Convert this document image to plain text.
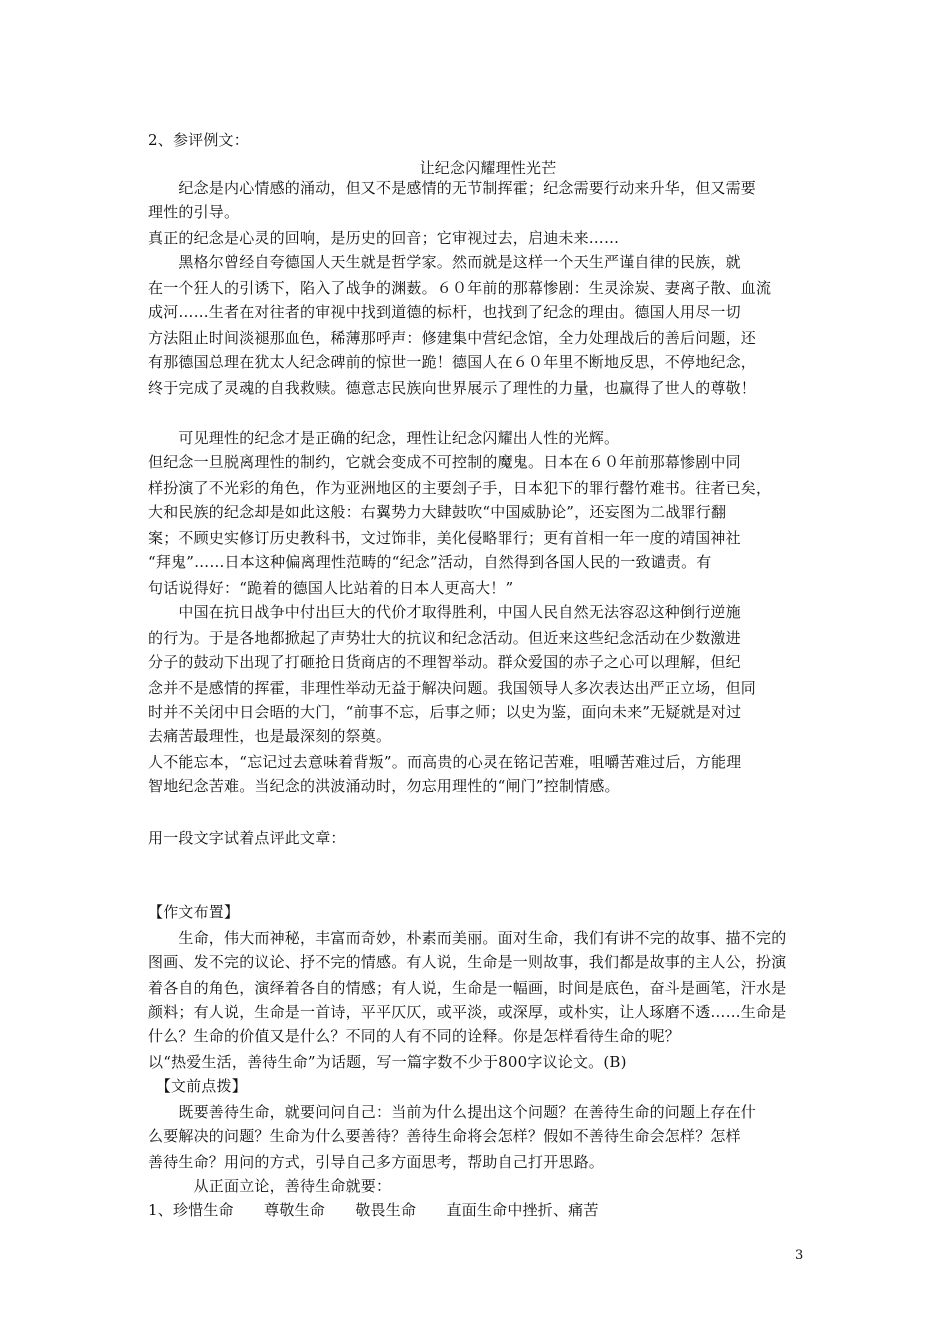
2、参评例文：
让纪念闪耀理性光芒
　　纪念是内心情感的涌动，但又不是感情的无节制挥霍；纪念需要行动来升华，但又需要
理性的引导。
真正的纪念是心灵的回响，是历史的回音；它审视过去，启迪未来……
　　黑格尔曾经自夸德国人天生就是哲学家。然而就是这样一个天生严谨自律的民族，就
在一个狂人的引诱下，陷入了战争的渊薮。６０年前的那幕惨剧：生灵涂炭、妻离子散、血流
成河……生者在对往者的审视中找到道德的标杆，也找到了纪念的理由。德国人用尽一切
方法阻止时间淡褪那血色，稀薄那呼声：修建集中营纪念馆，全力处理战后的善后问题，还
有那德国总理在犹太人纪念碑前的惊世一跪！德国人在６０年里不断地反思，不停地纪念，
终于完成了灵魂的自我救赎。德意志民族向世界展示了理性的力量，也赢得了世人的尊敬！
　　可见理性的纪念才是正确的纪念，理性让纪念闪耀出人性的光辉。
但纪念一旦脱离理性的制约，它就会变成不可控制的魔鬼。日本在６０年前那幕惨剧中同
样扮演了不光彩的角色，作为亚洲地区的主要刽子手，日本犯下的罪行罄竹难书。往者已矣，
大和民族的纪念却是如此这般：右翼势力大肆鼓吹“中国威胁论”，还妄图为二战罪行翻
案；不顾史实修订历史教科书，文过饰非，美化侵略罪行；更有首相一年一度的靖国神社
“拜鬼”……日本这种偏离理性范畴的“纪念”活动，自然得到各国人民的一致谴责。有
句话说得好：“跪着的德国人比站着的日本人更高大！”
　　中国在抗日战争中付出巨大的代价才取得胜利，中国人民自然无法容忍这种倒行逆施
的行为。于是各地都掀起了声势壮大的抗议和纪念活动。但近来这些纪念活动在少数激进
分子的鼓动下出现了打砸抢日货商店的不理智举动。群众爱国的赤子之心可以理解，但纪
念并不是感情的挥霍，非理性举动无益于解决问题。我国领导人多次表达出严正立场，但同
时并不关闭中日会晤的大门，“前事不忘，后事之师；以史为鉴，面向未来”无疑就是对过
去痛苦最理性，也是最深刻的祭奠。
人不能忘本，“忘记过去意味着背叛”。而高贵的心灵在铭记苦难，咀嚼苦难过后，方能理
智地纪念苦难。当纪念的洪波涌动时，勿忘用理性的“闸门”控制情感。
用一段文字试着点评此文章：
【作文布置】
　　生命，伟大而神秘，丰富而奇妙，朴素而美丽。面对生命，我们有讲不完的故事、描不完的
图画、发不完的议论、抒不完的情感。有人说，生命是一则故事，我们都是故事的主人公，扮演
着各自的角色，演绎着各自的情感；有人说，生命是一幅画，时间是底色，奋斗是画笔，汗水是
颜料；有人说，生命是一首诗，平平仄仄，或平淡，或深厚，或朴实，让人琢磨不透……生命是
什么？生命的价值又是什么？不同的人有不同的诠释。你是怎样看待生命的呢？
以“热爱生活，善待生命”为话题，写一篇字数不少于800字议论文。(B)
　【文前点拨】
　　既要善待生命，就要问问自己：当前为什么提出这个问题？在善待生命的问题上存在什
么要解决的问题？生命为什么要善待？善待生命将会怎样？假如不善待生命会怎样？怎样
善待生命？用问的方式，引导自己多方面思考，帮助自己打开思路。
　　　从正面立论，善待生命就要：
1、珍惜生命　　尊敬生命　　敬畏生命　　直面生命中挫折、痛苦
3
